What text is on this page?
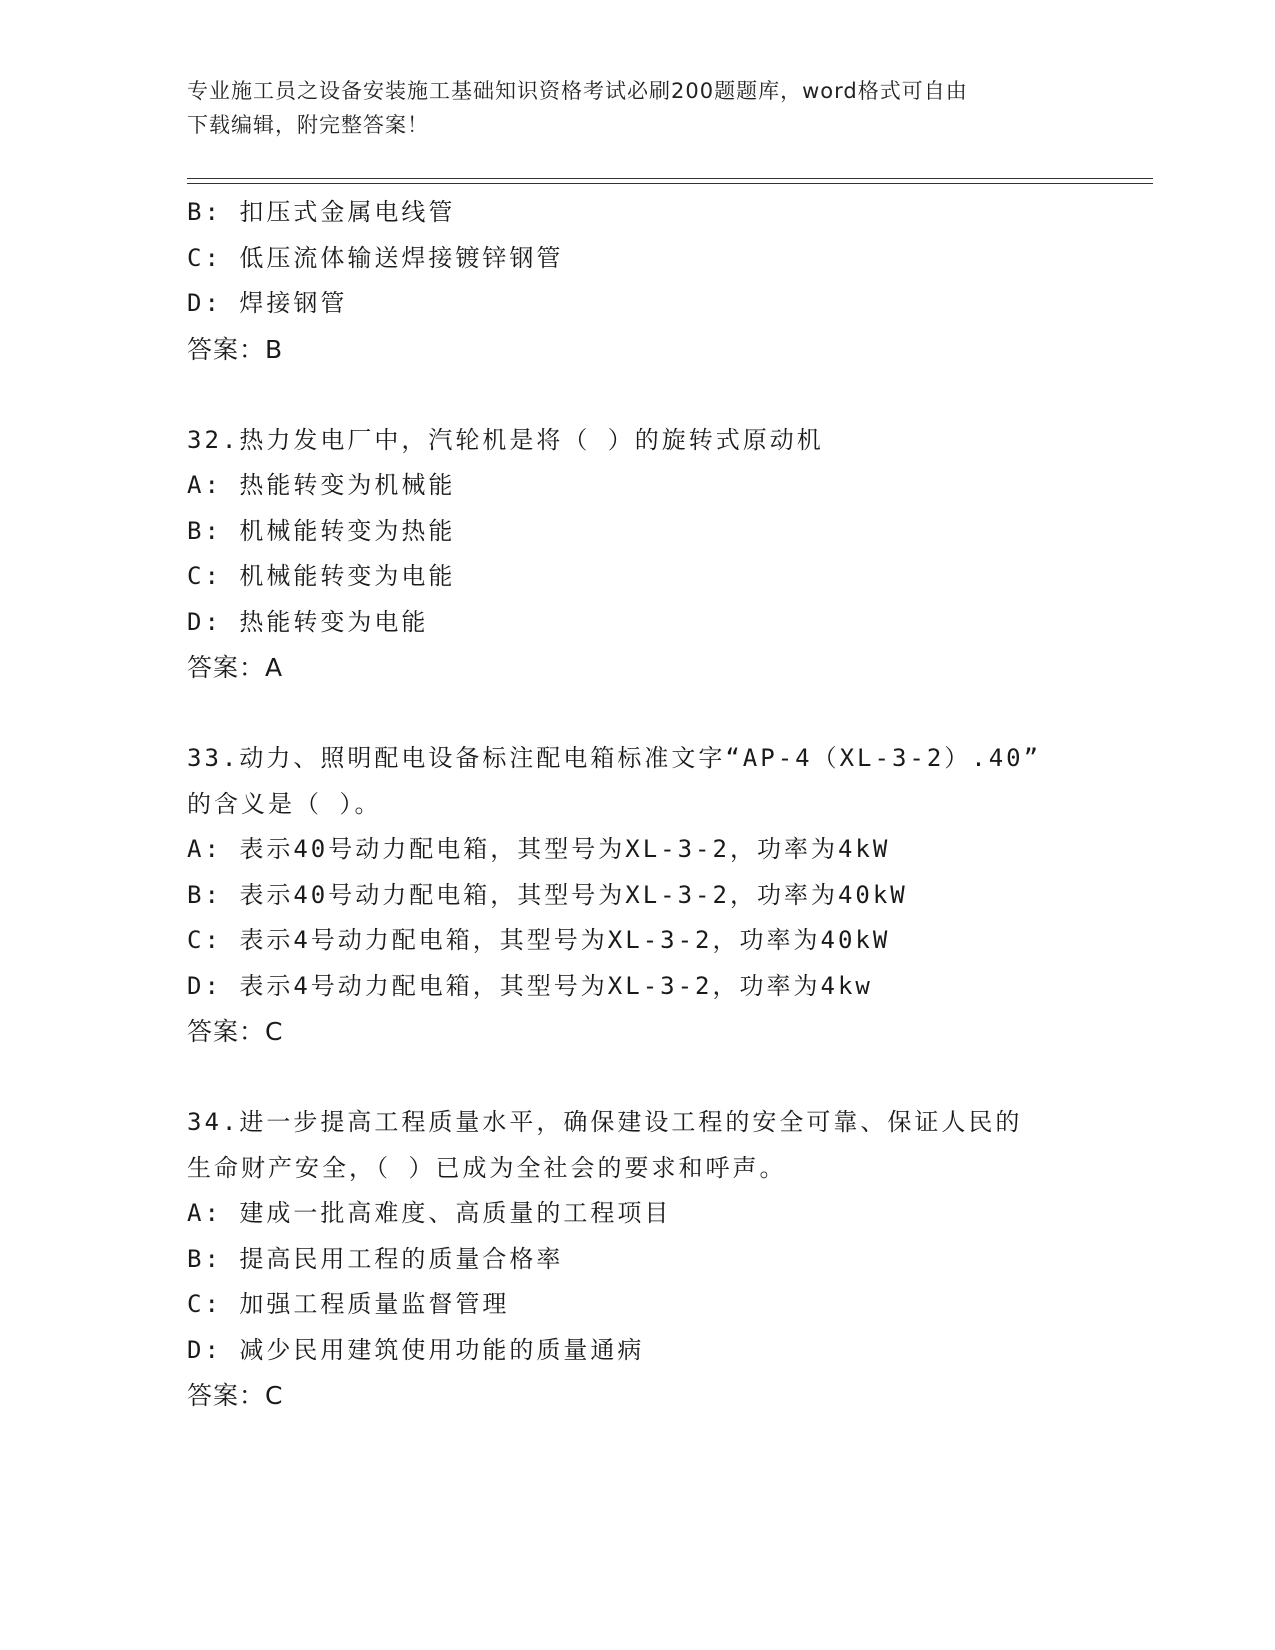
专业施工员之设备安装施工基础知识资格考试必刷200题题库，word格式可自由
下载编辑，附完整答案！
B: 扣压式金属电线管
C: 低压流体输送焊接镀锌钢管
D: 焊接钢管
答案：B
32.热力发电厂中，汽轮机是将（ ）的旋转式原动机
A: 热能转变为机械能
B: 机械能转变为热能
C: 机械能转变为电能
D: 热能转变为电能
答案：A
33.动力、照明配电设备标注配电箱标准文字“AP-4（XL-3-2）.40”
的含义是（ ）。
A: 表示40号动力配电箱，其型号为XL-3-2，功率为4kW
B: 表示40号动力配电箱，其型号为XL-3-2，功率为40kW
C: 表示4号动力配电箱，其型号为XL-3-2，功率为40kW
D: 表示4号动力配电箱，其型号为XL-3-2，功率为4kw
答案：C
34.进一步提高工程质量水平，确保建设工程的安全可靠、保证人民的
生命财产安全，（ ）已成为全社会的要求和呼声。
A: 建成一批高难度、高质量的工程项目
B: 提高民用工程的质量合格率
C: 加强工程质量监督管理
D: 减少民用建筑使用功能的质量通病
答案：C
